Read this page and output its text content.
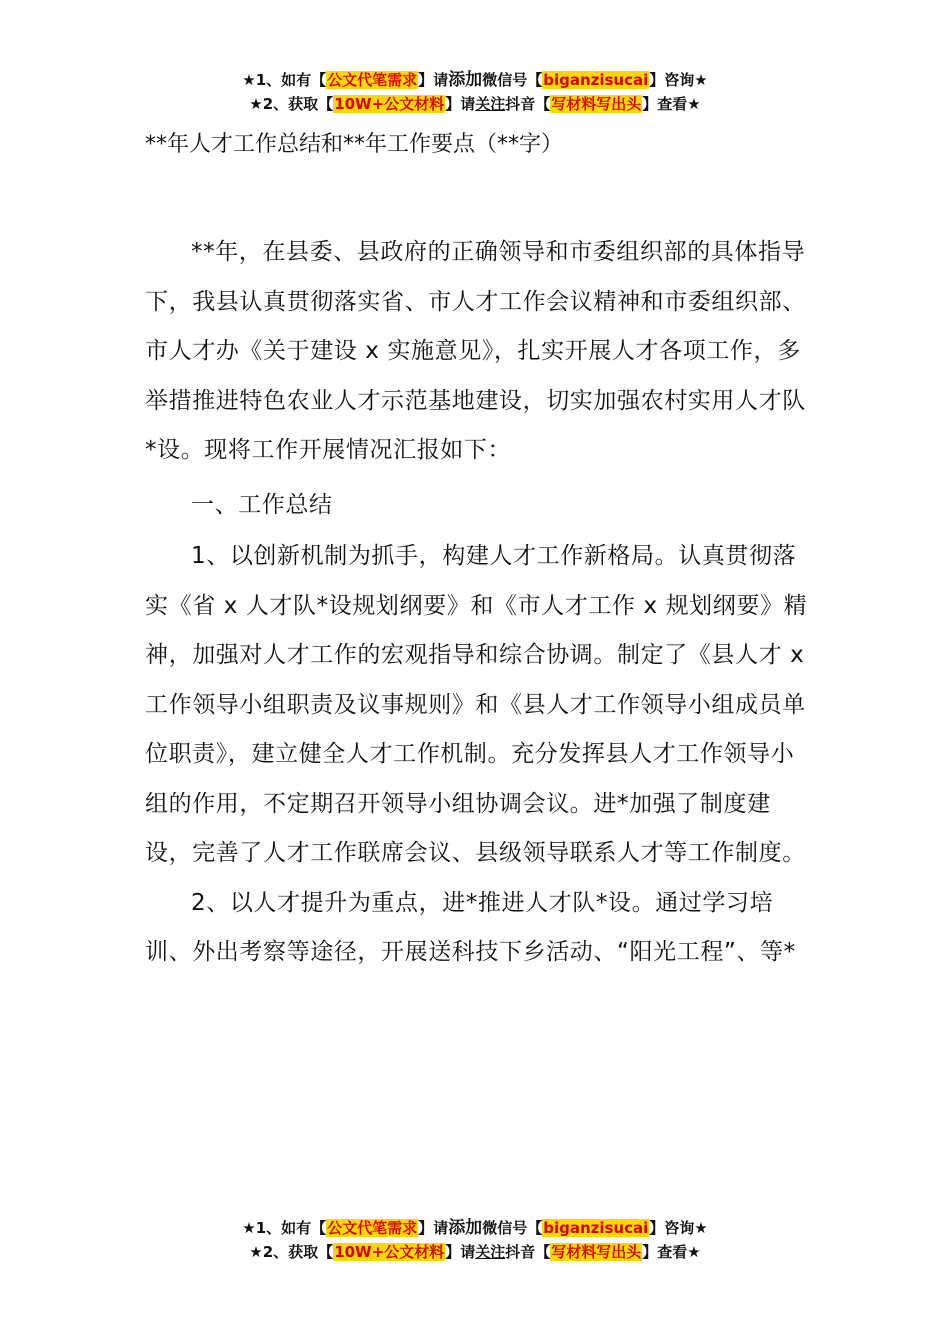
★1、如有【公文代笔需求】请添加微信号【biganzisucai】咨询★
★2、获取【10W+公文材料】请关注抖音【写材料写出头】查看★
**年人才工作总结和**年工作要点（**字）

**年，在县委、县政府的正确领导和市委组织部的具体指导下，我县认真贯彻落实省、市人才工作会议精神和市委组织部、市人才办《关于建设 x 实施意见》，扎实开展人才各项工作，多举措推进特色农业人才示范基地建设，切实加强农村实用人才队*设。现将工作开展情况汇报如下：

一、工作总结

1、以创新机制为抓手，构建人才工作新格局。认真贯彻落实《省 x 人才队*设规划纲要》和《市人才工作 x 规划纲要》精神，加强对人才工作的宏观指导和综合协调。制定了《县人才 x 工作领导小组职责及议事规则》和《县人才工作领导小组成员单位职责》，建立健全人才工作机制。充分发挥县人才工作领导小组的作用，不定期召开领导小组协调会议。进*加强了制度建设，完善了人才工作联席会议、县级领导联系人才等工作制度。

2、以人才提升为重点，进*推进人才队*设。通过学习培训、外出考察等途径，开展送科技下乡活动、“阳光工程”、等*

★1、如有【公文代笔需求】请添加微信号【biganzisucai】咨询★
★2、获取【10W+公文材料】请关注抖音【写材料写出头】查看★
